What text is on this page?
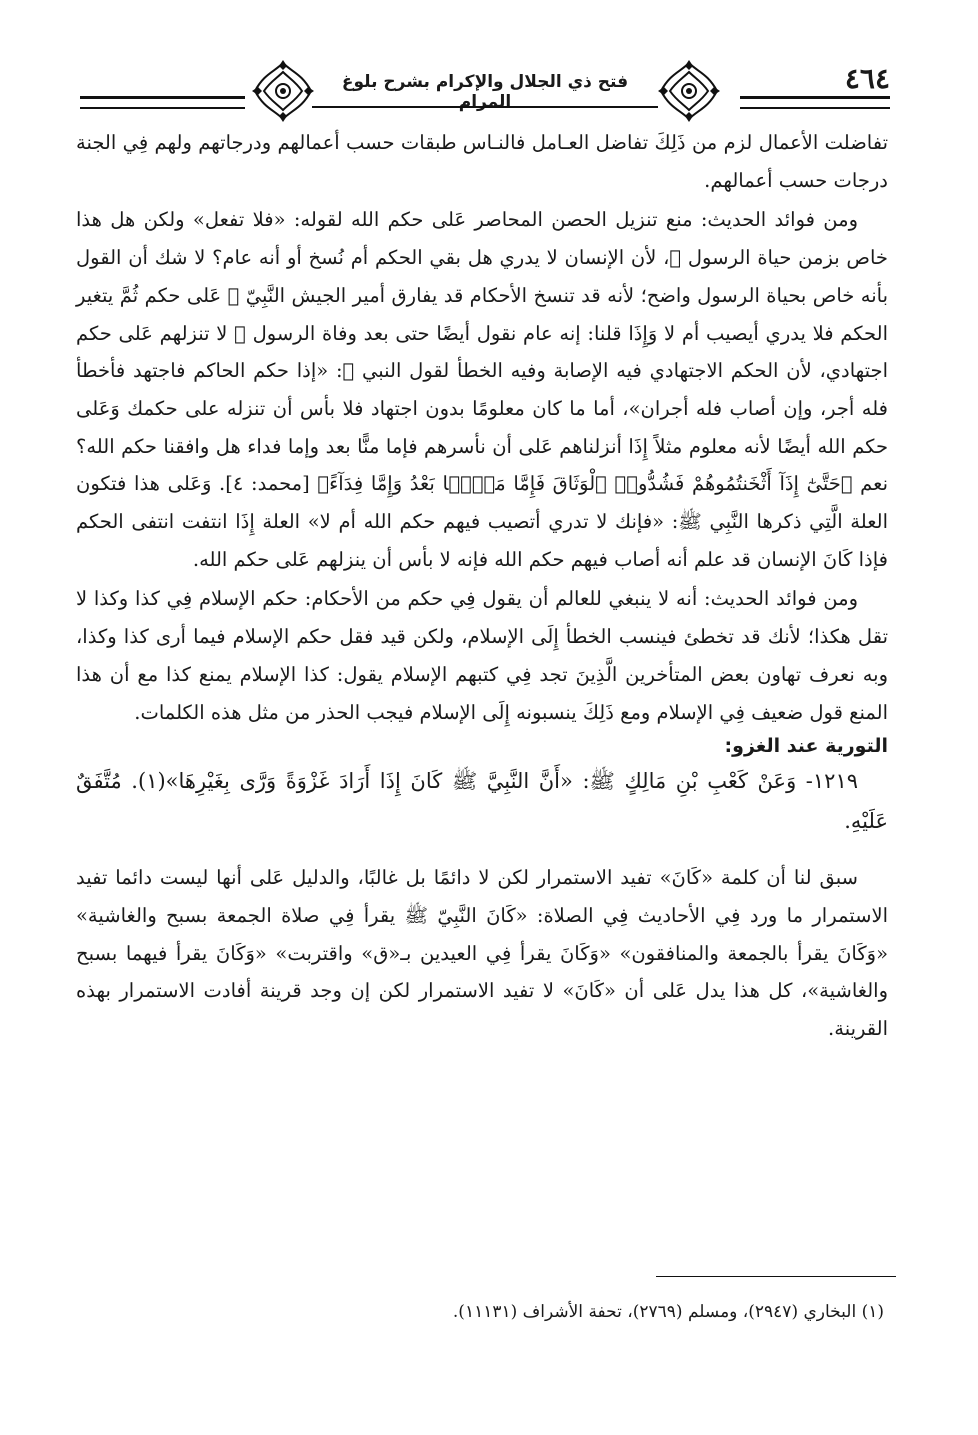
٤٦٤
فتح ذي الجلال والإكرام بشرح بلوغ المرام

تفاضلت الأعمال لزم من ذَلِكَ تفاضل العـامل فالنـاس طبقات حسب أعمالهم ودرجاتهم ولهم فِي الجنة درجات حسب أعمالهم.

ومن فوائد الحديث: منع تنزيل الحصن المحاصر عَلى حكم الله لقوله: «فلا تفعل» ولكن هل هذا خاص بزمن حياة الرسول ﷺ، لأن الإنسان لا يدري هل بقي الحكم أم نُسخ أو أنه عام؟ لا شك أن القول بأنه خاص بحياة الرسول واضح؛ لأنه قد تنسخ الأحكام قد يفارق أمير الجيش النَّبِيّ ﷺ عَلى حكم ثُمَّ يتغير الحكم فلا يدري أيصيب أم لا وَإِذَا قلنا: إنه عام نقول أيضًا حتى بعد وفاة الرسول ﷺ لا تنزلهم عَلى حكم اجتهادي، لأن الحكم الاجتهادي فيه الإصابة وفيه الخطأ لقول النبي ﷺ: «إذا حكم الحاكم فاجتهد فأخطأ فله أجر، وإن أصاب فله أجران»، أما ما كان معلومًا بدون اجتهاد فلا بأس أن تنزله على حكمك وَعَلى حكم الله أيضًا لأنه معلوم مثلاً إِذَا أنزلناهم عَلى أن نأسرهم فإما منًّا بعد وإما فداء هل وافقنا حكم الله؟ نعم ﴿حَتَّىٰٓ إِذَآ أَثْخَنتُمُوهُمْ فَشُدُّوا۟ ٱلْوَثَاقَ فَإِمَّا مَنًّۢا بَعْدُ وَإِمَّا فِدَآءً﴾ [محمد: ٤]. وَعَلى هذا فتكون العلة الَّتِي ذكرها النَّبِي ﷺ: «فإنك لا تدري أتصيب فيهم حكم الله أم لا» العلة إِذَا انتفت انتفى الحكم فإذا كَانَ الإنسان قد علم أنه أصاب فيهم حكم الله فإنه لا بأس أن ينزلهم عَلى حكم الله.

ومن فوائد الحديث: أنه لا ينبغي للعالم أن يقول فِي حكم من الأحكام: حكم الإسلام فِي كذا وكذا لا تقل هكذا؛ لأنك قد تخطئ فينسب الخطأ إِلَى الإسلام، ولكن قيد فقل حكم الإسلام فيما أرى كذا وكذا، وبه نعرف تهاون بعض المتأخرين الَّذِينَ تجد فِي كتبهم الإسلام يقول: كذا الإسلام يمنع كذا مع أن هذا المنع قول ضعيف فِي الإسلام ومع ذَلِكَ ينسبونه إِلَى الإسلام فيجب الحذر من مثل هذه الكلمات.

التورية عند الغزو:

١٢١٩- وَعَنْ كَعْبِ بْنِ مَالِكٍ ﷺ: «أَنَّ النَّبِيَّ ﷺ كَانَ إِذَا أَرَادَ غَزْوَةً وَرَّى بِغَيْرِهَا»(١). مُتَّفَقٌ عَلَيْهِ.

سبق لنا أن كلمة «كَانَ» تفيد الاستمرار لكن لا دائمًا بل غالبًا، والدليل عَلى أنها ليست دائما تفيد الاستمرار ما ورد فِي الأحاديث فِي الصلاة: «كَانَ النَّبِيّ ﷺ يقرأ فِي صلاة الجمعة بسبح والغاشية» «وَكَانَ يقرأ بالجمعة والمنافقون» «وَكَانَ يقرأ فِي العيدين بـ«ق» واقتربت» «وَكَانَ يقرأ فيهما بسبح والغاشية»، كل هذا يدل عَلى أن «كَانَ» لا تفيد الاستمرار لكن إن وجد قرينة أفادت الاستمرار بهذه القرينة.

(١) البخاري (٢٩٤٧)، ومسلم (٢٧٦٩)، تحفة الأشراف (١١١٣١).
